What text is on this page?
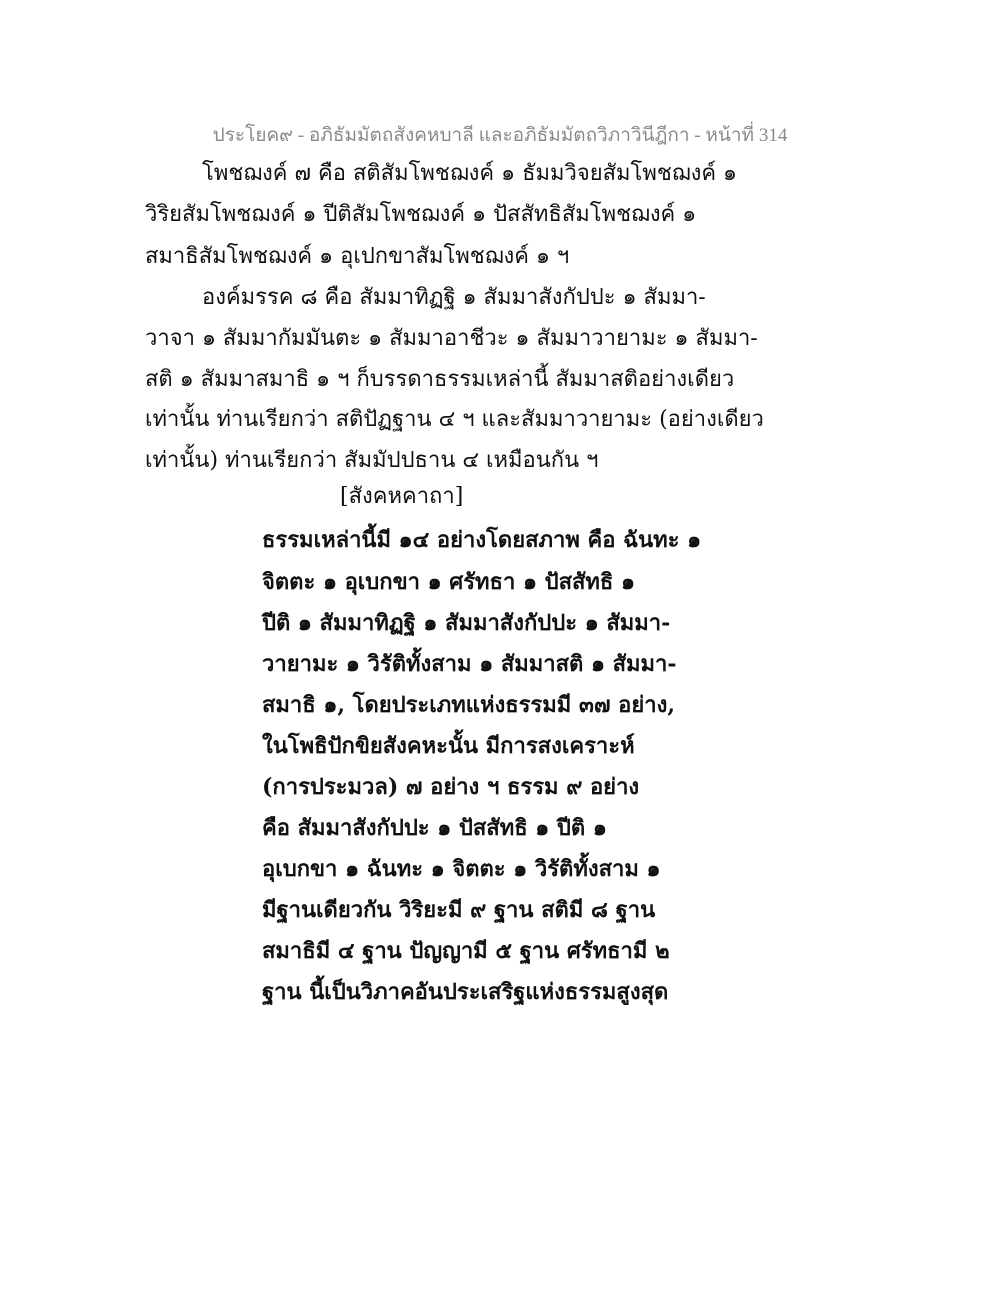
ประโยค๙ - อภิธัมมัตถสังคหบาลี และอภิธัมมัตถวิภาวินีฎีกา - หน้าที่ 314
โพชฌงค์ ๗ คือ สติสัมโพชฌงค์ ๑ ธัมมวิจยสัมโพชฌงค์ ๑
วิริยสัมโพชฌงค์ ๑ ปีติสัมโพชฌงค์ ๑ ปัสสัทธิสัมโพชฌงค์ ๑
สมาธิสัมโพชฌงค์ ๑ อุเปกขาสัมโพชฌงค์ ๑ ฯ
องค์มรรค ๘ คือ สัมมาทิฏฐิ ๑ สัมมาสังกัปปะ ๑ สัมมา-
วาจา ๑ สัมมากัมมันตะ ๑ สัมมาอาชีวะ ๑ สัมมาวายามะ ๑ สัมมา-
สติ ๑ สัมมาสมาธิ ๑ ฯ ก็บรรดาธรรมเหล่านี้ สัมมาสติอย่างเดียว
เท่านั้น ท่านเรียกว่า สติปัฏฐาน ๔ ฯ และสัมมาวายามะ (อย่างเดียว
เท่านั้น) ท่านเรียกว่า สัมมัปปธาน ๔ เหมือนกัน ฯ
[สังคหคาถา]
ธรรมเหล่านี้มี ๑๔ อย่างโดยสภาพ คือ ฉันทะ ๑
จิตตะ ๑ อุเบกขา ๑ ศรัทธา ๑ ปัสสัทธิ ๑
ปีติ ๑ สัมมาทิฏฐิ ๑ สัมมาสังกัปปะ ๑ สัมมา-
วายามะ ๑ วิรัติทั้งสาม ๑ สัมมาสติ ๑ สัมมา-
สมาธิ ๑, โดยประเภทแห่งธรรมมี ๓๗ อย่าง,
ในโพธิปักขิยสังคหะนั้น มีการสงเคราะห์
(การประมวล) ๗ อย่าง ฯ ธรรม ๙ อย่าง
คือ สัมมาสังกัปปะ ๑ ปัสสัทธิ ๑ ปีติ ๑
อุเบกขา ๑ ฉันทะ ๑ จิตตะ ๑ วิรัติทั้งสาม ๑
มีฐานเดียวกัน วิริยะมี ๙ ฐาน สติมี ๘ ฐาน
สมาธิมี ๔ ฐาน ปัญญามี ๕ ฐาน ศรัทธามี ๒
ฐาน นี้เป็นวิภาคอันประเสริฐแห่งธรรมสูงสุด
